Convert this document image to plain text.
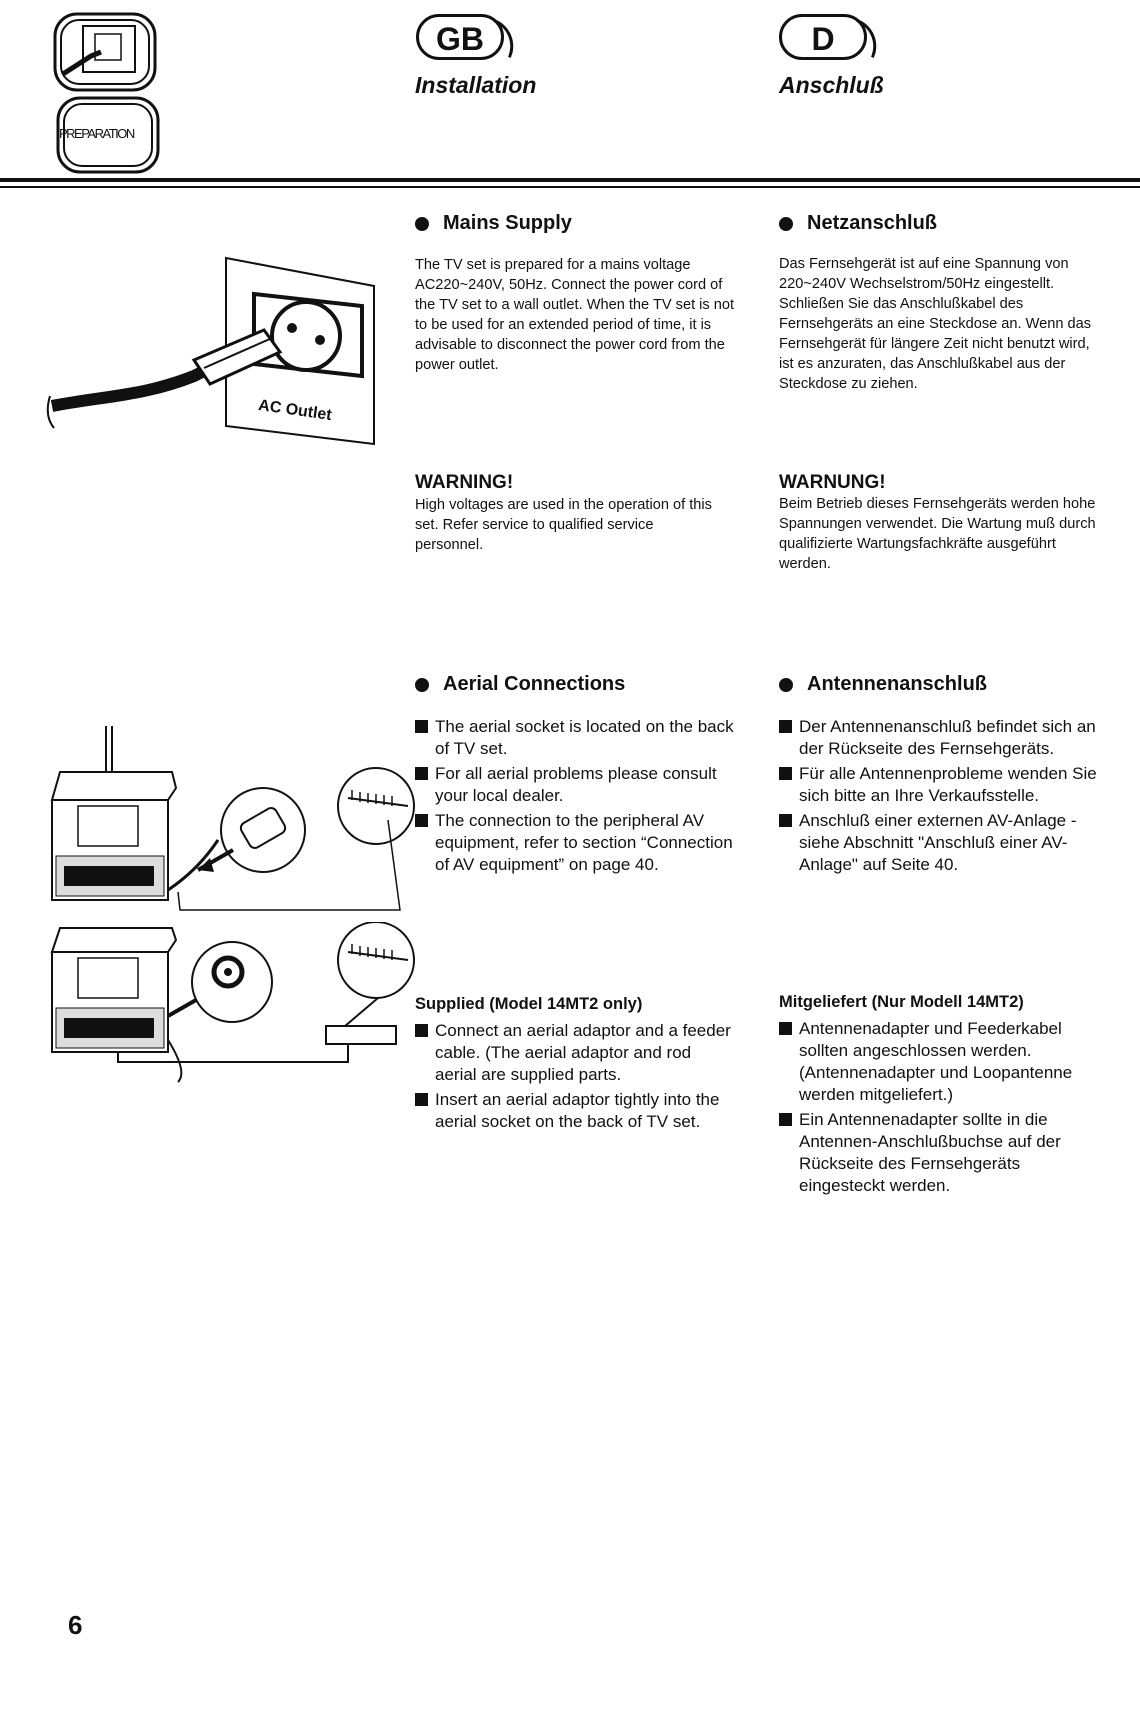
PREPARATION
GB	D
Installation	Anschluß
AC Outlet
Mains Supply
The TV set is prepared for a mains voltage AC220~240V, 50Hz. Connect the power cord of the TV set to a wall outlet. When the TV set is not to be used for an extended period of time, it is advisable to disconnect the power cord from the power outlet.
Netzanschluß
Das Fernsehgerät ist auf eine Spannung von 220~240V Wechselstrom/50Hz eingestellt. Schließen Sie das Anschlußkabel des Fernsehgeräts an eine Steckdose an. Wenn das Fernsehgerät für längere Zeit nicht benutzt wird, ist es anzuraten, das Anschlußkabel aus der Steckdose zu ziehen.
WARNING!
High voltages are used in the operation of this set. Refer service to qualified service personnel.
WARNUNG!
Beim Betrieb dieses Fernsehgeräts werden hohe Spannungen verwendet. Die Wartung muß durch qualifizierte Wartungsfachkräfte ausgeführt werden.
Aerial Connections
The aerial socket is located on the back of TV set.
For all aerial problems please consult your local dealer.
The connection to the peripheral AV equipment, refer to section “Connection of AV equipment” on page 40.
Antennenanschluß
Der Antennenanschluß befindet sich an der Rückseite des Fernsehgeräts.
Für alle Antennenprobleme wenden Sie sich bitte an Ihre Verkaufsstelle.
Anschluß einer externen AV-Anlage - siehe Abschnitt "Anschluß einer AV-Anlage" auf Seite 40.
Supplied (Model 14MT2 only)
Connect an aerial adaptor and a feeder cable. (The aerial adaptor and rod aerial are supplied parts.
Insert an aerial adaptor tightly into the aerial socket on the back of TV set.
Mitgeliefert (Nur Modell 14MT2)
Antennenadapter und Feederkabel sollten angeschlossen werden. (Antennenadapter und Loopantenne werden mitgeliefert.)
Ein Antennenadapter sollte in die Antennen-Anschlußbuchse auf der Rückseite des Fernsehgeräts eingesteckt werden.
6
